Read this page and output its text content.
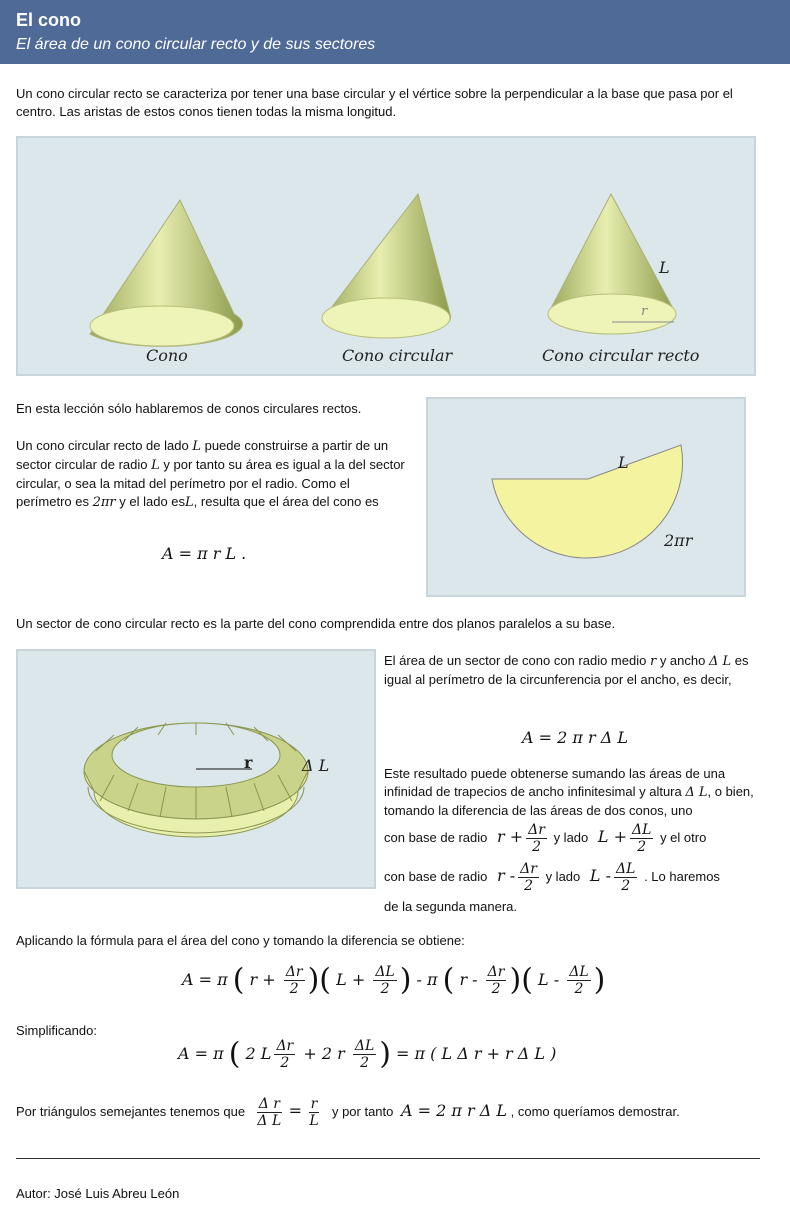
El cono
El área de un cono circular recto y de sus sectores
Un cono circular recto se caracteriza por tener una base circular y el vértice sobre la perpendicular a la base que pasa por el centro. Las aristas de estos conos tienen todas la misma longitud.
L
r
Cono	Cono circular	Cono circular recto
En esta lección sólo hablaremos de conos circulares rectos.
Un cono circular recto de lado L puede construirse a partir de un sector circular de radio L y por tanto su área es igual a la del sector circular, o sea la mitad del perímetro por el radio. Como el perímetro es 2πr y el lado esL, resulta que el área del cono es
A = π r L .
L
2πr
Un sector de cono circular recto es la parte del cono comprendida entre dos planos paralelos a su base.
r	Δ L
El área de un sector de cono con radio medio r y ancho Δ L es igual al perímetro de la circunferencia por el ancho, es decir,
A = 2 π r Δ L
Este resultado puede obtenerse sumando las áreas de una infinidad de trapecios de ancho infinitesimal y altura Δ L, o bien, tomando la diferencia de las áreas de dos conos, uno
con base de radio $r + \frac{\Delta r}{2}$ y lado $L + \frac{\Delta L}{2}$ y el otro
con base de radio r - $\frac{\Delta r}{2}$ y lado L - $\frac{\Delta L}{2}$ . Lo haremos
de la segunda manera.
Aplicando la fórmula para el área del cono y tomando la diferencia se obtiene:
A = π ( $r + \frac{\Delta r}{2}$ )( $L + \frac{\Delta L}{2}$ ) - π ( r - $\frac{\Delta r}{2}$ )( L - $\frac{\Delta L}{2}$ )
Simplificando:
A = π ( 2 L $\frac{\Delta r}{2} + 2$ r $\frac{\Delta L}{2}$ ) = π ( L Δ r + r Δ L )
Por triángulos semejantes tenemos que $\frac{\text{Δ r}}{\text{Δ L}} = \frac{r}{L}$ y por tanto A = 2 π r Δ L , como queríamos demostrar.
Autor: José Luis Abreu León
